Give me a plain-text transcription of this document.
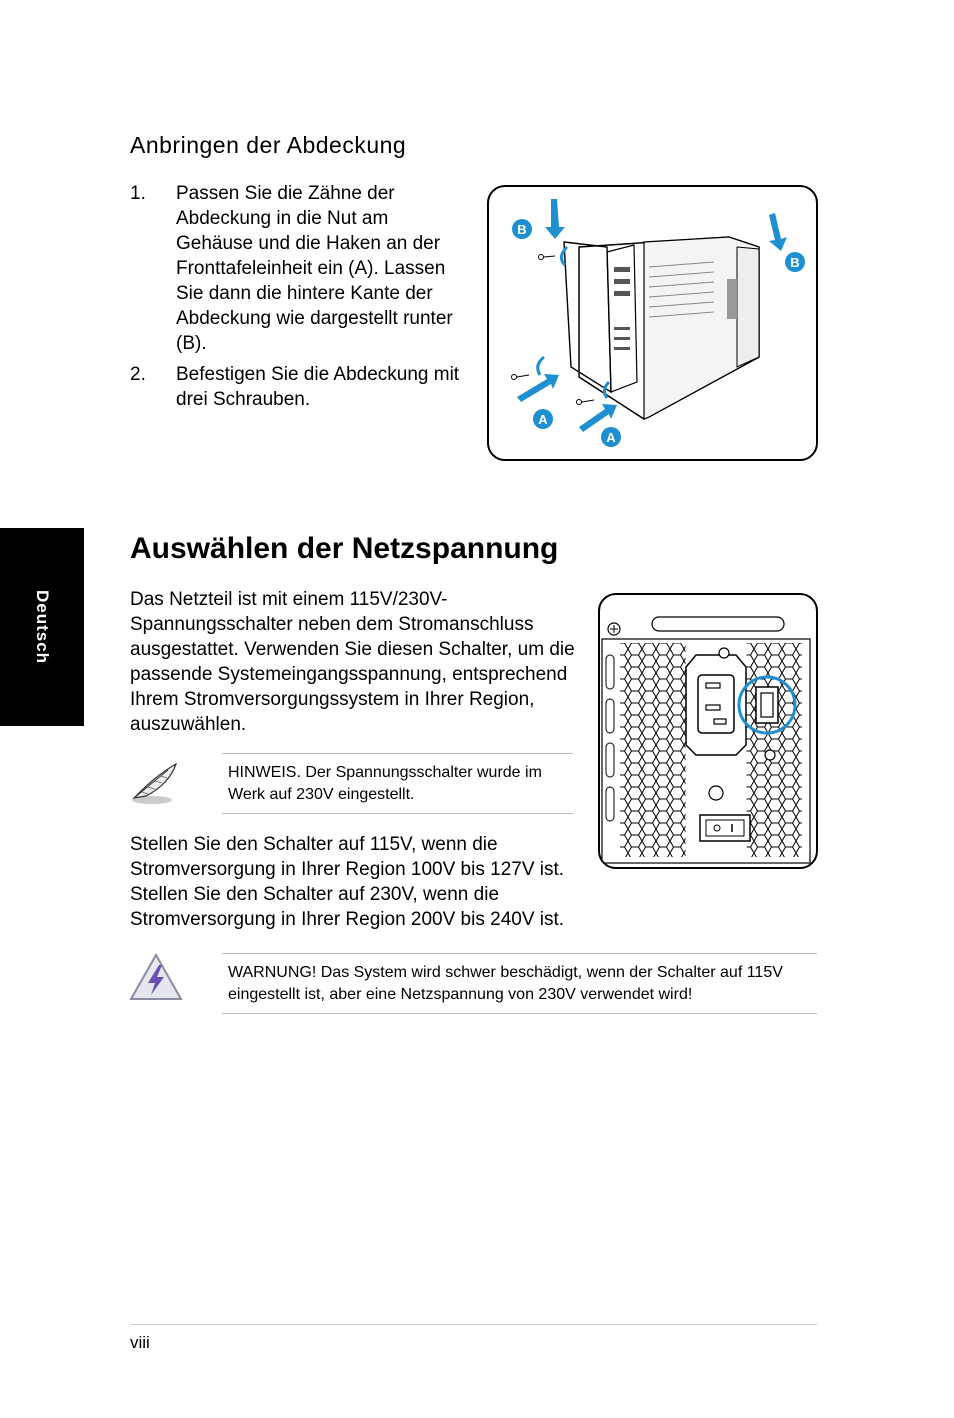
Deutsch
Anbringen der Abdeckung
1. Passen Sie die Zähne der Abdeckung in die Nut am Gehäuse und die Haken an der Fronttafeleinheit ein (A). Lassen Sie dann die hintere Kante der Abdeckung wie dargestellt runter (B).
2. Befestigen Sie die Abdeckung mit drei Schrauben.
B
B
A
A
Auswählen der Netzspannung
Das Netzteil ist mit einem 115V/230V-Spannungsschalter neben dem Stromanschluss ausgestattet. Verwenden Sie diesen Schalter, um die passende Systemeingangsspannung, entsprechend Ihrem Stromversorgungssystem in Ihrer Region, auszuwählen.
HINWEIS. Der Spannungsschalter wurde im Werk auf 230V eingestellt.
Stellen Sie den Schalter auf 115V, wenn die Stromversorgung in Ihrer Region 100V bis 127V ist. Stellen Sie den Schalter auf 230V, wenn die Stromversorgung in Ihrer Region 200V bis 240V ist.
WARNUNG! Das System wird schwer beschädigt, wenn der Schalter auf 115V eingestellt ist, aber eine Netzspannung von 230V verwendet wird!
viii
